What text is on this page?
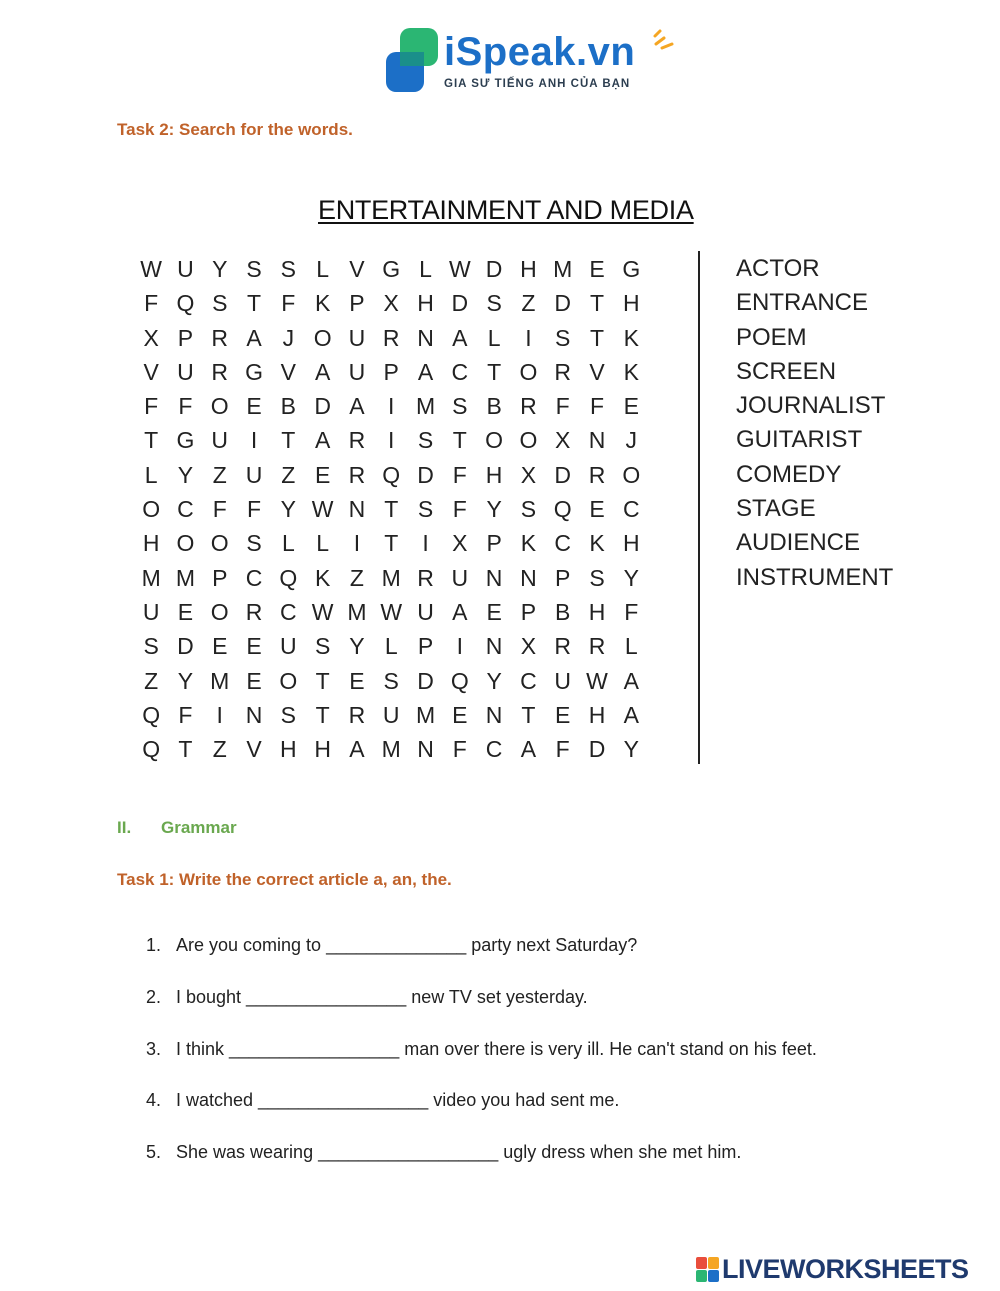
iSpeak.vn
GIA SƯ TIẾNG ANH CỦA BẠN
Task 2: Search for the words.
ENTERTAINMENT AND MEDIA
W U Y S S L V G L W D H M E G
F Q S T F K P X H D S Z D T H
X P R A J O U R N A L	I	S T K
V U R G V A U P A C T O R V K
F F O E B D A	I M S B R F F E
T G U I	T A R I	S T O O X N J
L Y Z U Z E R Q D F H X D R O
O C F F Y W N T S F Y S Q E C
H O O S L L	I	T	I	X P K C K H
M M P C Q K Z M R U N N P S Y
U E O R C W M W U A E P B H F
S D E E U S Y L P	I N X R R L
Z Y M E O T E S D Q Y C U W A
Q F	I N S T R U M E N T E H A
Q T Z V H H A M N F C A F D Y
ACTOR
ENTRANCE
POEM
SCREEN
JOURNALIST
GUITARIST
COMEDY
STAGE
AUDIENCE
INSTRUMENT
II. Grammar
Task 1: Write the correct article a, an, the.
1. Are you coming to ______________ party next Saturday?
2. I bought ________________ new TV set yesterday.
3. I think _________________ man over there is very ill. He can't stand on his feet.
4. I watched _________________ video you had sent me.
5. She was wearing __________________ ugly dress when she met him.
LIVEWORKSHEETS
